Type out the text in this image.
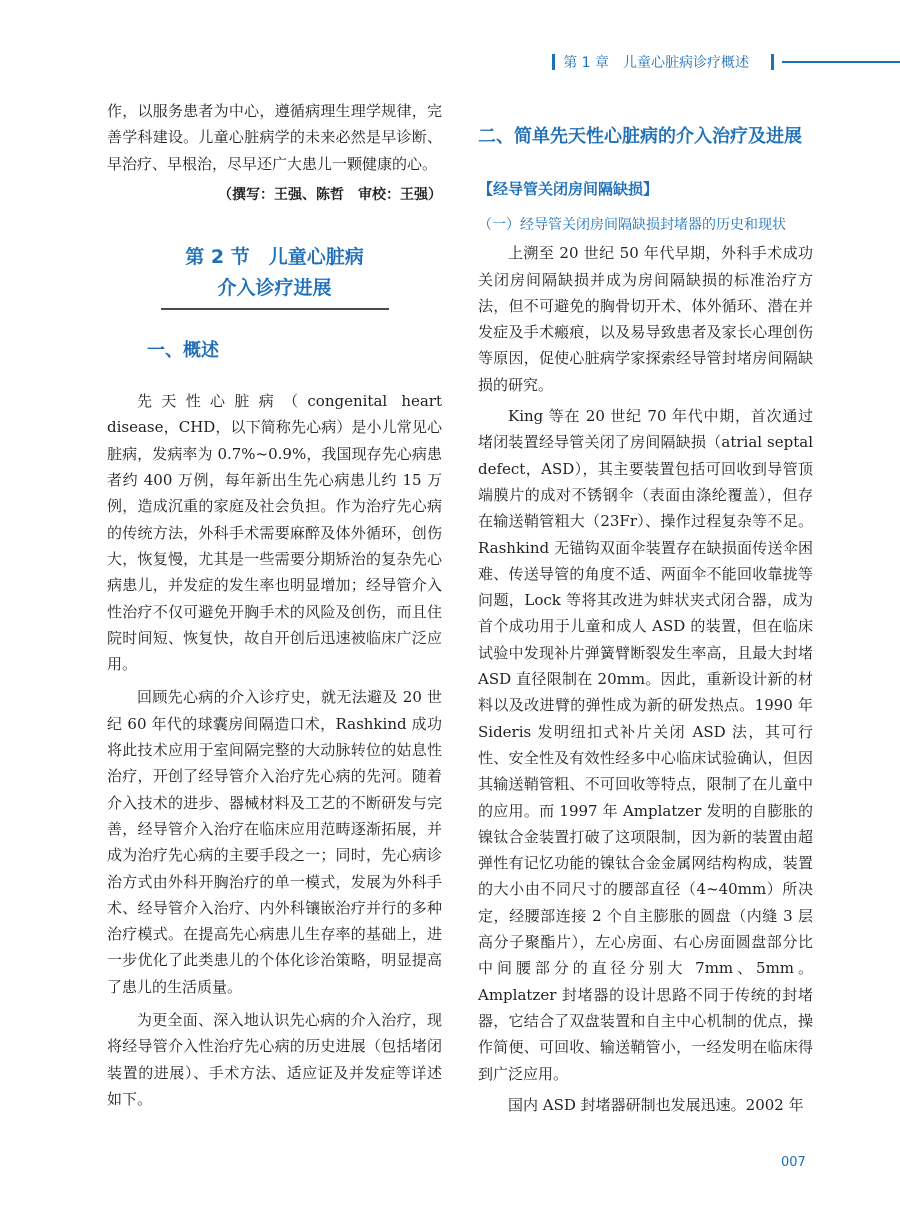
第 1 章 儿童心脏病诊疗概述

作，以服务患者为中心，遵循病理生理学规律，完善学科建设。儿童心脏病学的未来必然是早诊断、早治疗、早根治，尽早还广大患儿一颗健康的心。

（撰写：王强、陈哲　审校：王强）
第 2 节　儿童心脏病
介入诊疗进展
一、概述

先天性心脏病（congenital heart disease，CHD，以下简称先心病）是小儿常见心脏病，发病率为 0.7%~0.9%，我国现存先心病患者约 400 万例，每年新出生先心病患儿约 15 万例，造成沉重的家庭及社会负担。作为治疗先心病的传统方法，外科手术需要麻醉及体外循环，创伤大，恢复慢，尤其是一些需要分期矫治的复杂先心病患儿，并发症的发生率也明显增加；经导管介入性治疗不仅可避免开胸手术的风险及创伤，而且住院时间短、恢复快，故自开创后迅速被临床广泛应用。

回顾先心病的介入诊疗史，就无法避及 20 世纪 60 年代的球囊房间隔造口术，Rashkind 成功将此技术应用于室间隔完整的大动脉转位的姑息性治疗，开创了经导管介入治疗先心病的先河。随着介入技术的进步、器械材料及工艺的不断研发与完善，经导管介入治疗在临床应用范畴逐渐拓展，并成为治疗先心病的主要手段之一；同时，先心病诊治方式由外科开胸治疗的单一模式，发展为外科手术、经导管介入治疗、内外科镶嵌治疗并行的多种治疗模式。在提高先心病患儿生存率的基础上，进一步优化了此类患儿的个体化诊治策略，明显提高了患儿的生活质量。

为更全面、深入地认识先心病的介入治疗，现将经导管介入性治疗先心病的历史进展（包括堵闭装置的进展）、手术方法、适应证及并发症等详述如下。

二、简单先天性心脏病的介入治疗及进展
【经导管关闭房间隔缺损】
（一）经导管关闭房间隔缺损封堵器的历史和现状

上溯至 20 世纪 50 年代早期，外科手术成功关闭房间隔缺损并成为房间隔缺损的标准治疗方法，但不可避免的胸骨切开术、体外循环、潜在并发症及手术瘢痕，以及易导致患者及家长心理创伤等原因，促使心脏病学家探索经导管封堵房间隔缺损的研究。

King 等在 20 世纪 70 年代中期，首次通过堵闭装置经导管关闭了房间隔缺损（atrial septal defect，ASD），其主要装置包括可回收到导管顶端膜片的成对不锈钢伞（表面由涤纶覆盖），但存在输送鞘管粗大（23Fr）、操作过程复杂等不足。Rashkind 无锚钩双面伞装置存在缺损面传送伞困难、传送导管的角度不适、两面伞不能回收靠拢等问题，Lock 等将其改进为蚌状夹式闭合器，成为首个成功用于儿童和成人 ASD 的装置，但在临床试验中发现补片弹簧臂断裂发生率高，且最大封堵 ASD 直径限制在 20mm。因此，重新设计新的材料以及改进臂的弹性成为新的研发热点。1990 年 Sideris 发明纽扣式补片关闭 ASD 法，其可行性、安全性及有效性经多中心临床试验确认，但因其输送鞘管粗、不可回收等特点，限制了在儿童中的应用。而 1997 年 Amplatzer 发明的自膨胀的镍钛合金装置打破了这项限制，因为新的装置由超弹性有记忆功能的镍钛合金金属网结构构成，装置的大小由不同尺寸的腰部直径（4~40mm）所决定，经腰部连接 2 个自主膨胀的圆盘（内缝 3 层高分子聚酯片），左心房面、右心房面圆盘部分比中间腰部分的直径分别大 7mm、5mm。Amplatzer 封堵器的设计思路不同于传统的封堵器，它结合了双盘装置和自主中心机制的优点，操作简便、可回收、输送鞘管小，一经发明在临床得到广泛应用。

国内 ASD 封堵器研制也发展迅速。2002 年

007
